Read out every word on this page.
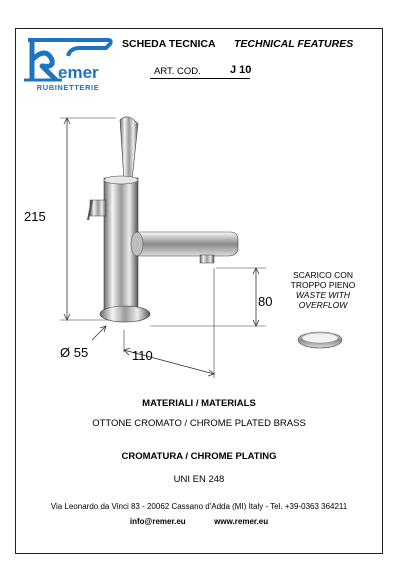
emer
RUBINETTERIE
SCHEDA TECNICA TECHNICAL FEATURES
ART. COD.	J 10
215
80
Ø 55	110
SCARICO CON
TROPPO PIENO
WASTE WITH
OVERFLOW
MATERIALI / MATERIALS
OTTONE CROMATO / CHROME PLATED BRASS
CROMATURA / CHROME PLATING
UNI EN 248
Via Leonardo da Vinci 83 - 20062 Cassano d'Adda (MI) Italy - Tel. +39-0363 364211
info@remer.eu	www.remer.eu
